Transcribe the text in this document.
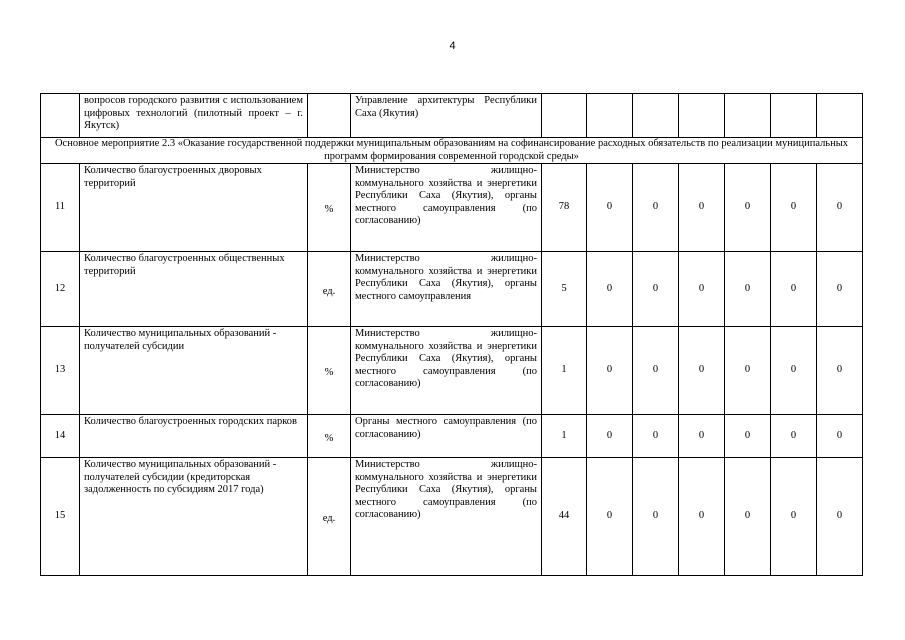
4
	вопросов городского развития с использованием цифровых технологий (пилотный проект – г. Якутск)		Управление архитектуры Республики Саха (Якутия)							
Основное мероприятие 2.3 «Оказание государственной поддержки муниципальным образованиям на софинансирование расходных обязательств по реализации муниципальных программ формирования современной городской среды»										
11	Количество благоустроенных дворовых территорий	%	Министерство жилищно-коммунального хозяйства и энергетики Республики Саха (Якутия), органы местного самоуправления (по согласованию)	78	0	0	0	0	0	0
12	Количество благоустроенных общественных территорий	ед.	Министерство жилищно-коммунального хозяйства и энергетики Республики Саха (Якутия), органы местного самоуправления	5	0	0	0	0	0	0
13	Количество муниципальных образований - получателей субсидии	%	Министерство жилищно-коммунального хозяйства и энергетики Республики Саха (Якутия), органы местного самоуправления (по согласованию)	1	0	0	0	0	0	0
14	Количество благоустроенных городских парков	%	Органы местного самоуправления (по согласованию)	1	0	0	0	0	0	0
15	Количество муниципальных образований - получателей субсидии (кредиторская задолженность по субсидиям 2017 года)	ед.	Министерство жилищно-коммунального хозяйства и энергетики Республики Саха (Якутия), органы местного самоуправления (по согласованию)	44	0	0	0	0	0	0
